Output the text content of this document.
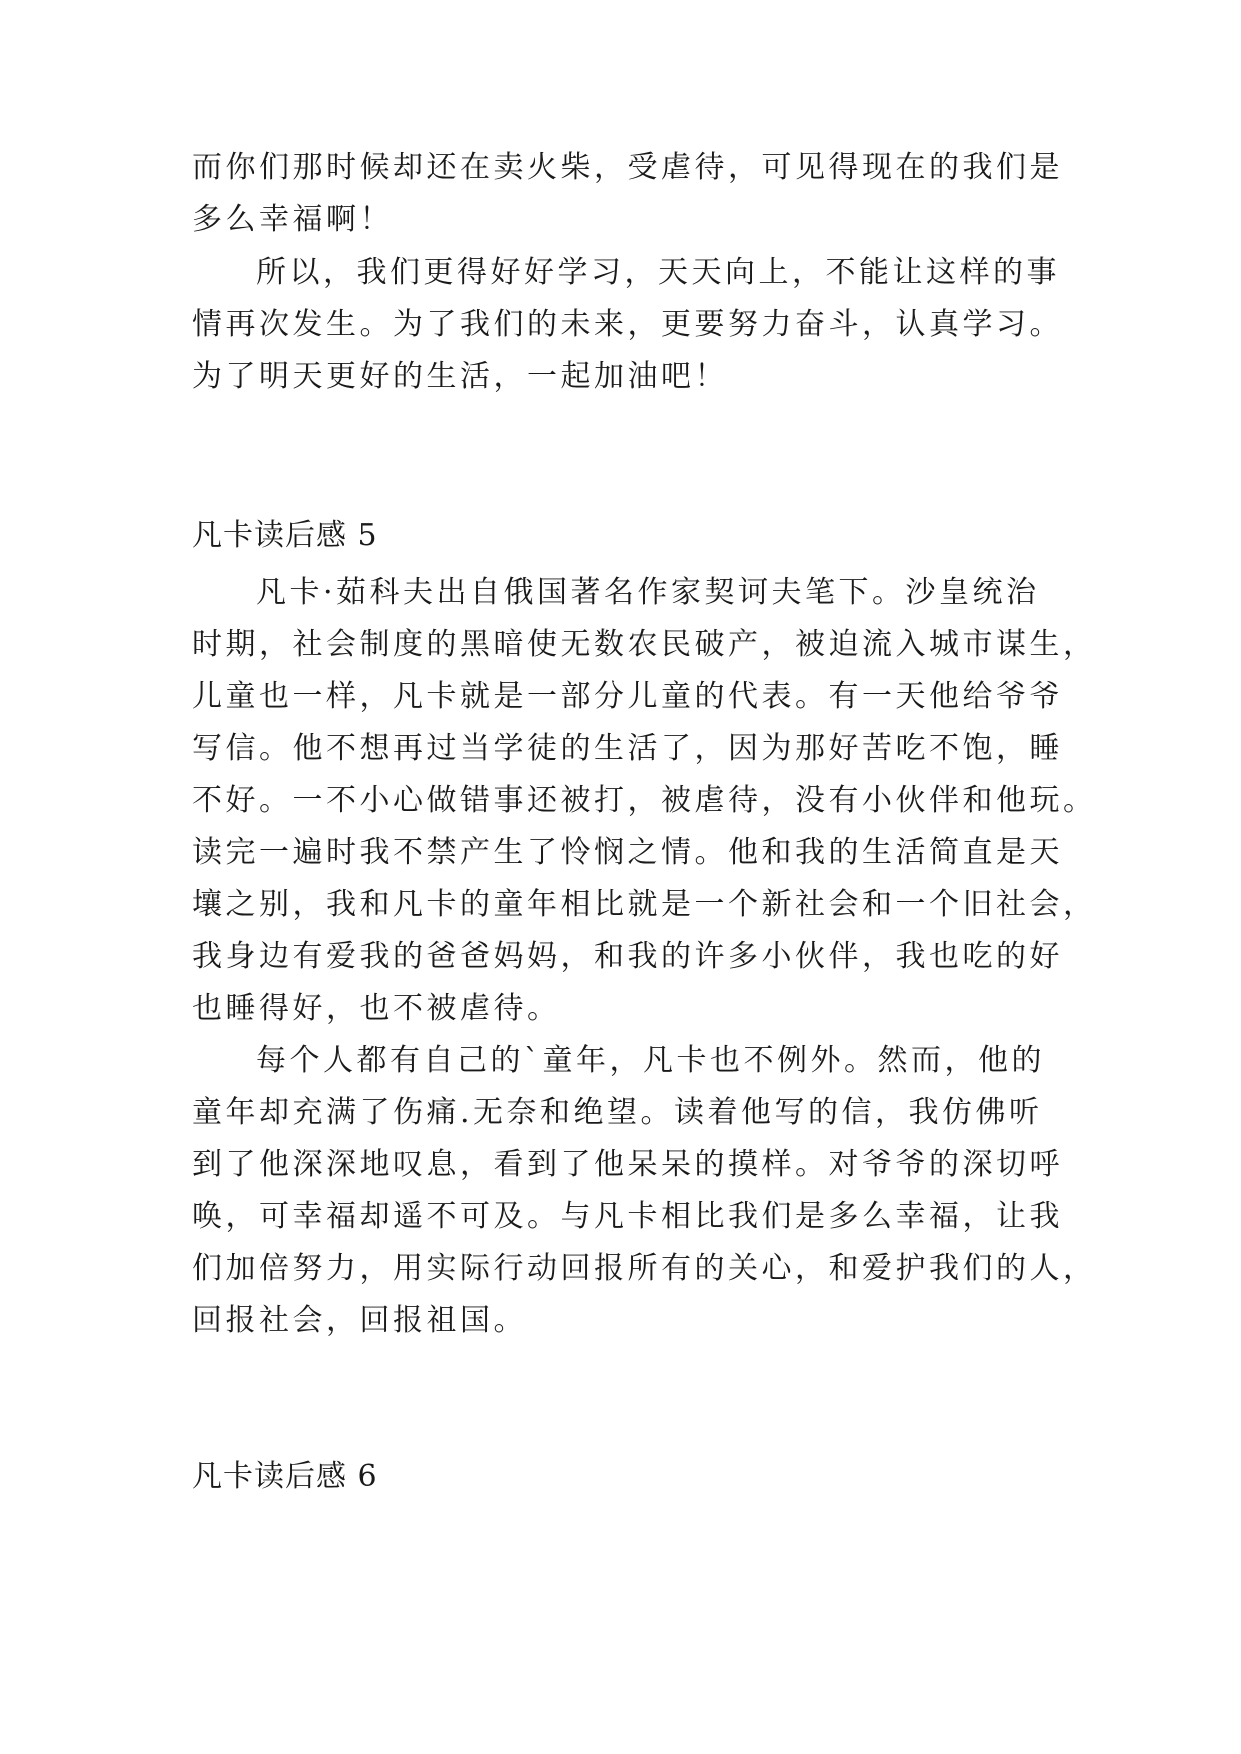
而你们那时候却还在卖火柴，受虐待，可见得现在的我们是
多么幸福啊！
所以，我们更得好好学习，天天向上，不能让这样的事
情再次发生。为了我们的未来，更要努力奋斗，认真学习。
为了明天更好的生活，一起加油吧！
凡卡读后感 5
凡卡·茹科夫出自俄国著名作家契诃夫笔下。沙皇统治
时期，社会制度的黑暗使无数农民破产，被迫流入城市谋生，
儿童也一样，凡卡就是一部分儿童的代表。有一天他给爷爷
写信。他不想再过当学徒的生活了，因为那好苦吃不饱，睡
不好。一不小心做错事还被打，被虐待，没有小伙伴和他玩。
读完一遍时我不禁产生了怜悯之情。他和我的生活简直是天
壤之别，我和凡卡的童年相比就是一个新社会和一个旧社会，
我身边有爱我的爸爸妈妈，和我的许多小伙伴，我也吃的好
也睡得好，也不被虐待。
每个人都有自己的`童年，凡卡也不例外。然而，他的
童年却充满了伤痛.无奈和绝望。读着他写的信，我仿佛听
到了他深深地叹息，看到了他呆呆的摸样。对爷爷的深切呼
唤，可幸福却遥不可及。与凡卡相比我们是多么幸福，让我
们加倍努力，用实际行动回报所有的关心，和爱护我们的人，
回报社会，回报祖国。
凡卡读后感 6
